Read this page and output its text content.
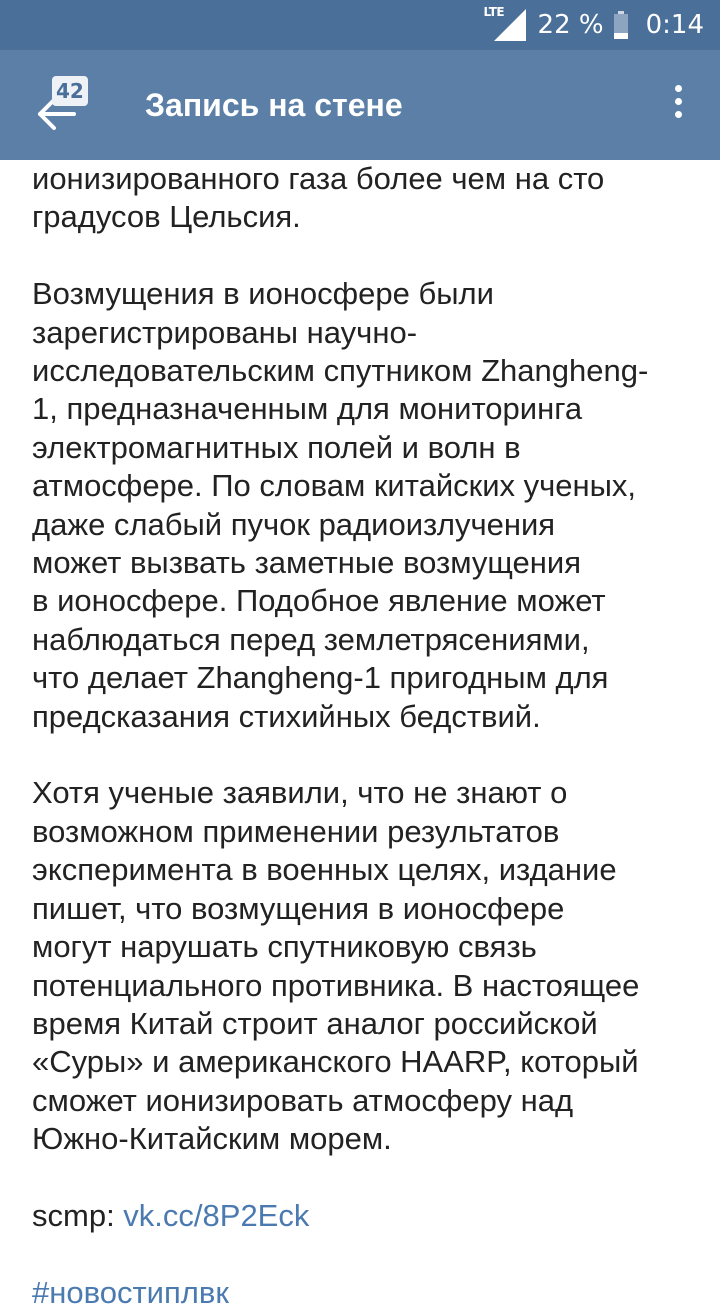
LTE 22 % 0:14
42 Запись на стене

ионизированного газа более чем на сто
градусов Цельсия.

Возмущения в ионосфере были
зарегистрированы научно-
исследовательским спутником Zhangheng-
1, предназначенным для мониторинга
электромагнитных полей и волн в
атмосфере. По словам китайских ученых,
даже слабый пучок радиоизлучения
может вызвать заметные возмущения
в ионосфере. Подобное явление может
наблюдаться перед землетрясениями,
что делает Zhangheng-1 пригодным для
предсказания стихийных бедствий.

Хотя ученые заявили, что не знают о
возможном применении результатов
эксперимента в военных целях, издание
пишет, что возмущения в ионосфере
могут нарушать спутниковую связь
потенциального противника. В настоящее
время Китай строит аналог российской
«Суры» и американского HAARP, который
сможет ионизировать атмосферу над
Южно-Китайским морем.

scmp: vk.cc/8P2Eck

#новостиплвк
